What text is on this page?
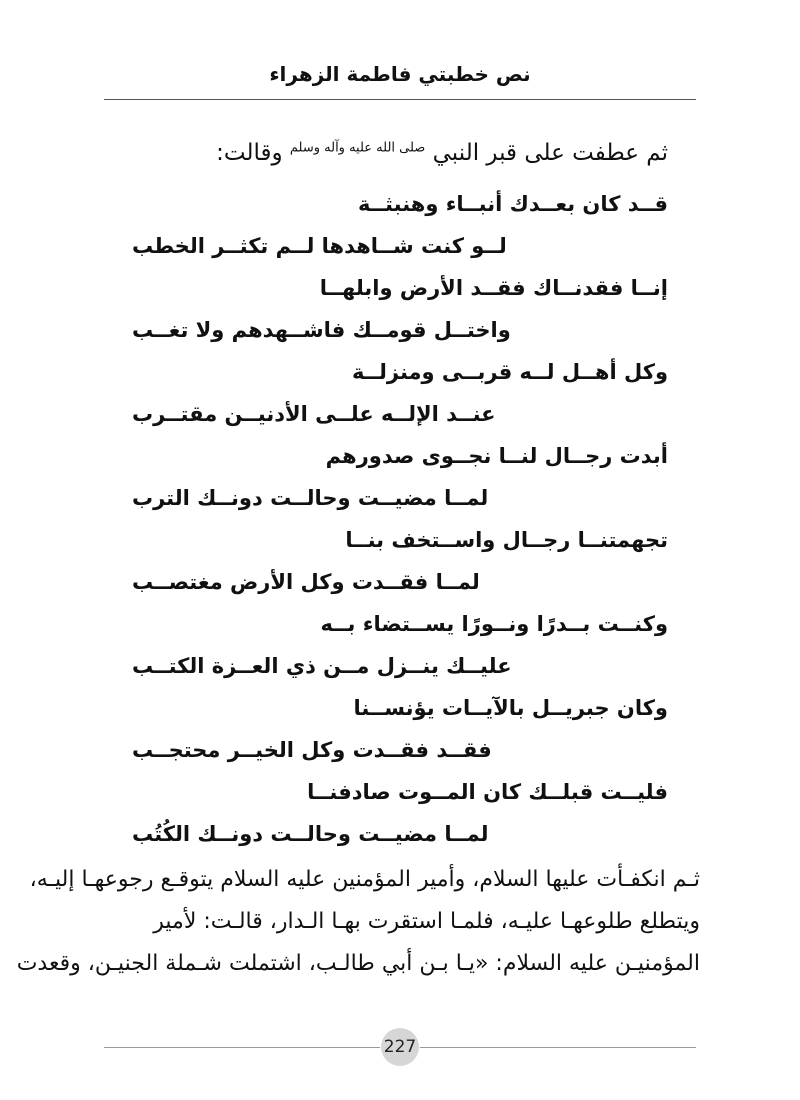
نص خطبتي فاطمة الزهراء
ثم عطفت على قبر النبي $^{صلى الله عليه وآله وسلم}$ وقالت:
قــد كان بعــدك أنبــاء وهنبثــة
لــو كنت شــاهدها لــم تكثــر الخطب
إنــا فقدنــاك فقــد الأرض وابلهــا
واختــل قومــك فاشــهدهم ولا تغــب
وكل أهــل لــه قربــى ومنزلــة
عنــد الإلــه علــى الأدنيــن مقتــرب
أبدت رجــال لنــا نجــوى صدورهم
لمــا مضيــت وحالــت دونــك الترب
تجهمتنــا رجــال واســتخف بنــا
لمــا فقــدت وكل الأرض مغتصــب
وكنــت بــدرًا ونــورًا يســتضاء بــه
عليــك ينــزل مــن ذي العــزة الكتــب
وكان جبريــل بالآيــات يؤنســنا
فقــد فقــدت وكل الخيــر محتجــب
فليــت قبلــك كان المــوت صادفنــا
لمــا مضيــت وحالــت دونــك الكُتُب
ثـم انكفـأت عليها السلام، وأمير المؤمنين عليه السلام يتوقـع رجوعهـا إليـه،
ويتطلع طلوعهـا عليـه، فلمـا استقرت بهـا الـدار، قالـت: لأمير
المؤمنيـن عليه السلام: «يـا بـن أبي طالـب، اشتملت شـملة الجنيـن، وقعدت
227
